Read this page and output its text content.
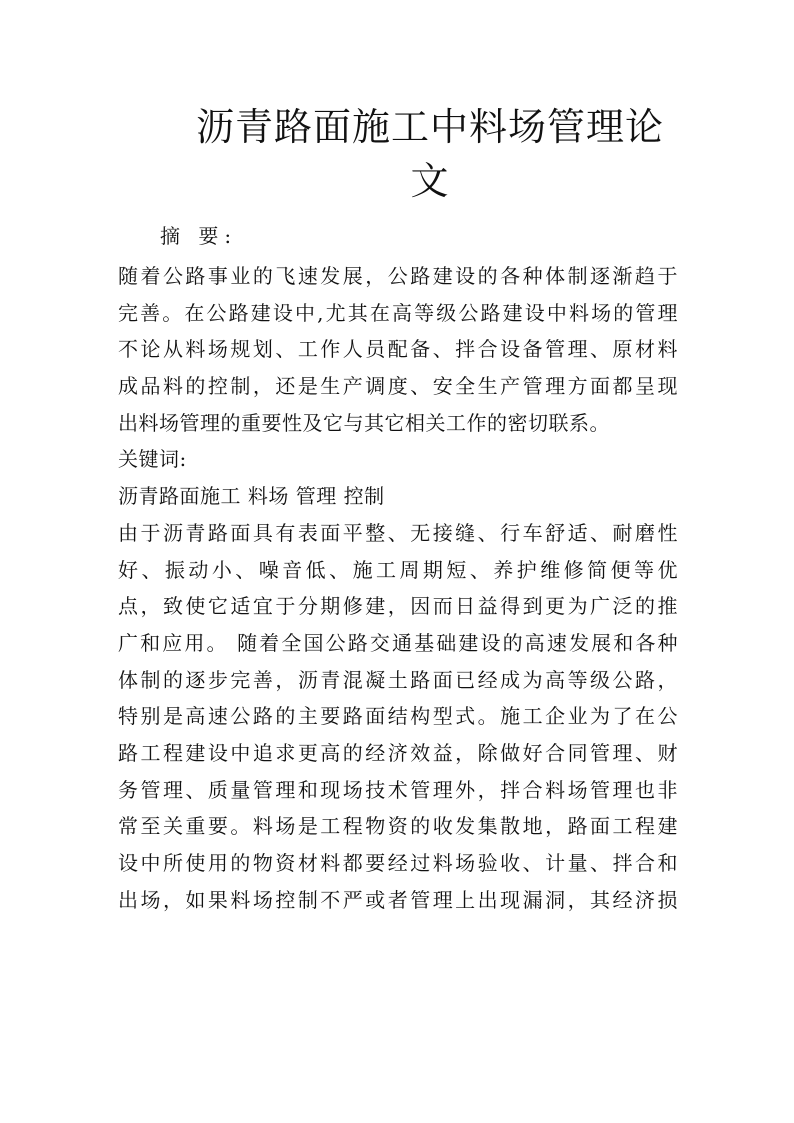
沥青路面施工中料场管理论
文
摘 要:
随着公路事业的飞速发展，公路建设的各种体制逐渐趋于
完善。在公路建设中,尤其在高等级公路建设中料场的管理
不论从料场规划、工作人员配备、拌合设备管理、原材料
成品料的控制，还是生产调度、安全生产管理方面都呈现
出料场管理的重要性及它与其它相关工作的密切联系。
关键词:
沥青路面施工 料场 管理 控制
由于沥青路面具有表面平整、无接缝、行车舒适、耐磨性
好、振动小、噪音低、施工周期短、养护维修简便等优
点，致使它适宜于分期修建，因而日益得到更为广泛的推
广和应用。 随着全国公路交通基础建设的高速发展和各种
体制的逐步完善，沥青混凝土路面已经成为高等级公路，
特别是高速公路的主要路面结构型式。施工企业为了在公
路工程建设中追求更高的经济效益，除做好合同管理、财
务管理、质量管理和现场技术管理外，拌合料场管理也非
常至关重要。料场是工程物资的收发集散地，路面工程建
设中所使用的物资材料都要经过料场验收、计量、拌合和
出场，如果料场控制不严或者管理上出现漏洞，其经济损
